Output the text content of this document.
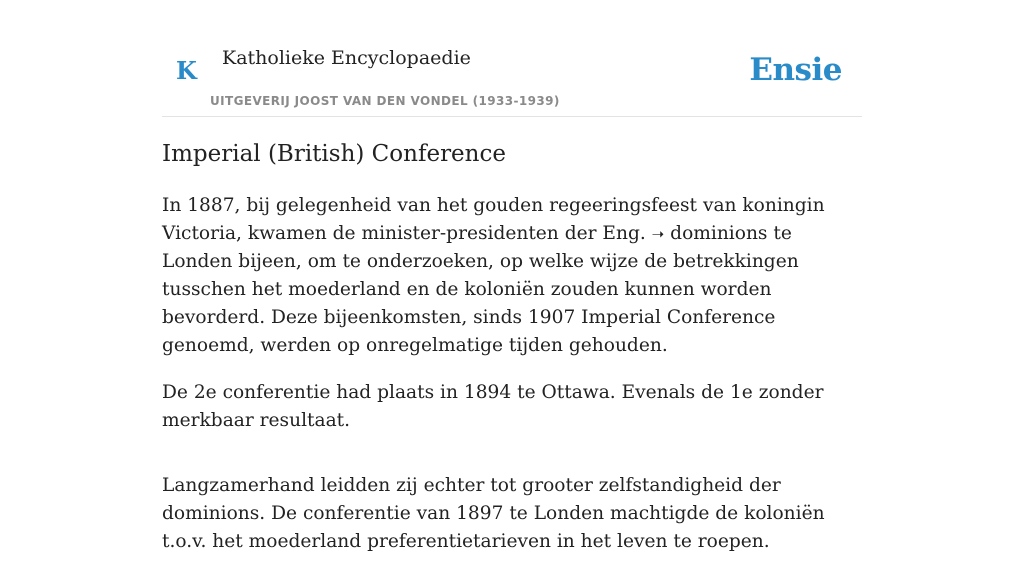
K Katholieke Encyclopaedie
UITGEVERIJ JOOST VAN DEN VONDEL (1933-1939)
Ensie
Imperial (British) Conference

In 1887, bij gelegenheid van het gouden regeeringsfeest van koningin Victoria, kwamen de minister-presidenten der Eng. ➝ dominions te Londen bijeen, om te onderzoeken, op welke wijze de betrekkingen tusschen het moederland en de koloniën zouden kunnen worden bevorderd. Deze bijeenkomsten, sinds 1907 Imperial Conference genoemd, werden op onregelmatige tijden gehouden.

De 2e conferentie had plaats in 1894 te Ottawa. Evenals de 1e zonder merkbaar resultaat.

Langzamerhand leidden zij echter tot grooter zelfstandigheid der dominions. De conferentie van 1897 te Londen machtigde de koloniën t.o.v. het moederland preferentietarieven in het leven te roepen.
